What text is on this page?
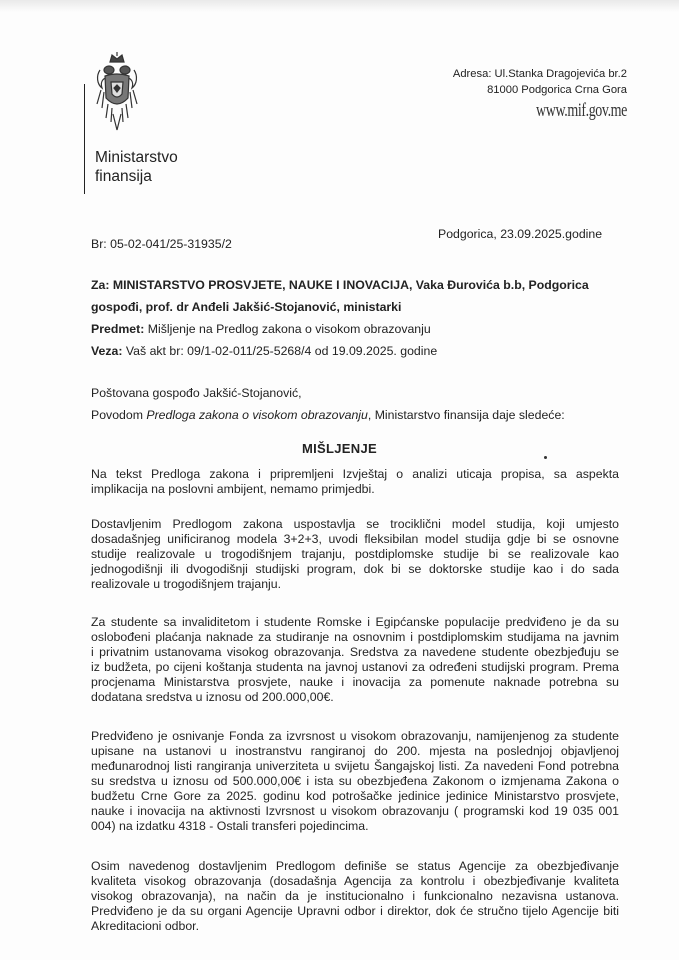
Ministarstvo
finansija
Adresa: Ul.Stanka Dragojevića br.2
81000 Podgorica Crna Gora
www.mif.gov.me
Podgorica, 23.09.2025.godine
Br: 05-02-041/25-31935/2
Za: MINISTARSTVO PROSVJETE, NAUKE I INOVACIJA, Vaka Đurovića b.b, Podgorica
gospođi, prof. dr Anđeli Jakšić-Stojanović, ministarki
Predmet: Mišljenje na Predlog zakona o visokom obrazovanju
Veza: Vaš akt br: 09/1-02-011/25-5268/4 od 19.09.2025. godine
Poštovana gospođo Jakšić-Stojanović,
Povodom Predloga zakona o visokom obrazovanju, Ministarstvo finansija daje sledeće:
MIŠLJENJE
Na tekst Predloga zakona i pripremljeni Izvještaj o analizi uticaja propisa, sa aspekta
implikacija na poslovni ambijent, nemamo primjedbi.
Dostavljenim Predlogom zakona uspostavlja se trociklični model studija, koji umjesto
dosadašnjeg unificiranog modela 3+2+3, uvodi fleksibilan model studija gdje bi se osnovne
studije realizovale u trogodišnjem trajanju, postdiplomske studije bi se realizovale kao
jednogodišnji ili dvogodišnji studijski program, dok bi se doktorske studije kao i do sada
realizovale u trogodišnjem trajanju.
Za studente sa invaliditetom i studente Romske i Egipćanske populacije predviđeno je da su
oslobođeni plaćanja naknade za studiranje na osnovnim i postdiplomskim studijama na javnim
i privatnim ustanovama visokog obrazovanja. Sredstva za navedene studente obezbjeđuju se
iz budžeta, po cijeni koštanja studenta na javnoj ustanovi za određeni studijski program. Prema
procjenama Ministarstva prosvjete, nauke i inovacija za pomenute naknade potrebna su
dodatana sredstva u iznosu od 200.000,00€.
Predviđeno je osnivanje Fonda za izvrsnost u visokom obrazovanju, namijenjenog za studente
upisane na ustanovi u inostranstvu rangiranoj do 200. mjesta na poslednjoj objavljenoj
međunarodnoj listi rangiranja univerziteta u svijetu Šangajskoj listi. Za navedeni Fond potrebna
su sredstva u iznosu od 500.000,00€ i ista su obezbjeđena Zakonom o izmjenama Zakona o
budžetu Crne Gore za 2025. godinu kod potrošačke jedinice jedinice Ministarstvo prosvjete,
nauke i inovacija na aktivnosti Izvrsnost u visokom obrazovanju ( programski kod 19 035 001
004) na izdatku 4318 - Ostali transferi pojedincima.
Osim navedenog dostavljenim Predlogom definiše se status Agencije za obezbjeđivanje
kvaliteta visokog obrazovanja (dosadašnja Agencija za kontrolu i obezbjeđivanje kvaliteta
visokog obrazovanja), na način da je institucionalno i funkcionalno nezavisna ustanova.
Predviđeno je da su organi Agencije Upravni odbor i direktor, dok će stručno tijelo Agencije biti
Akreditacioni odbor.
